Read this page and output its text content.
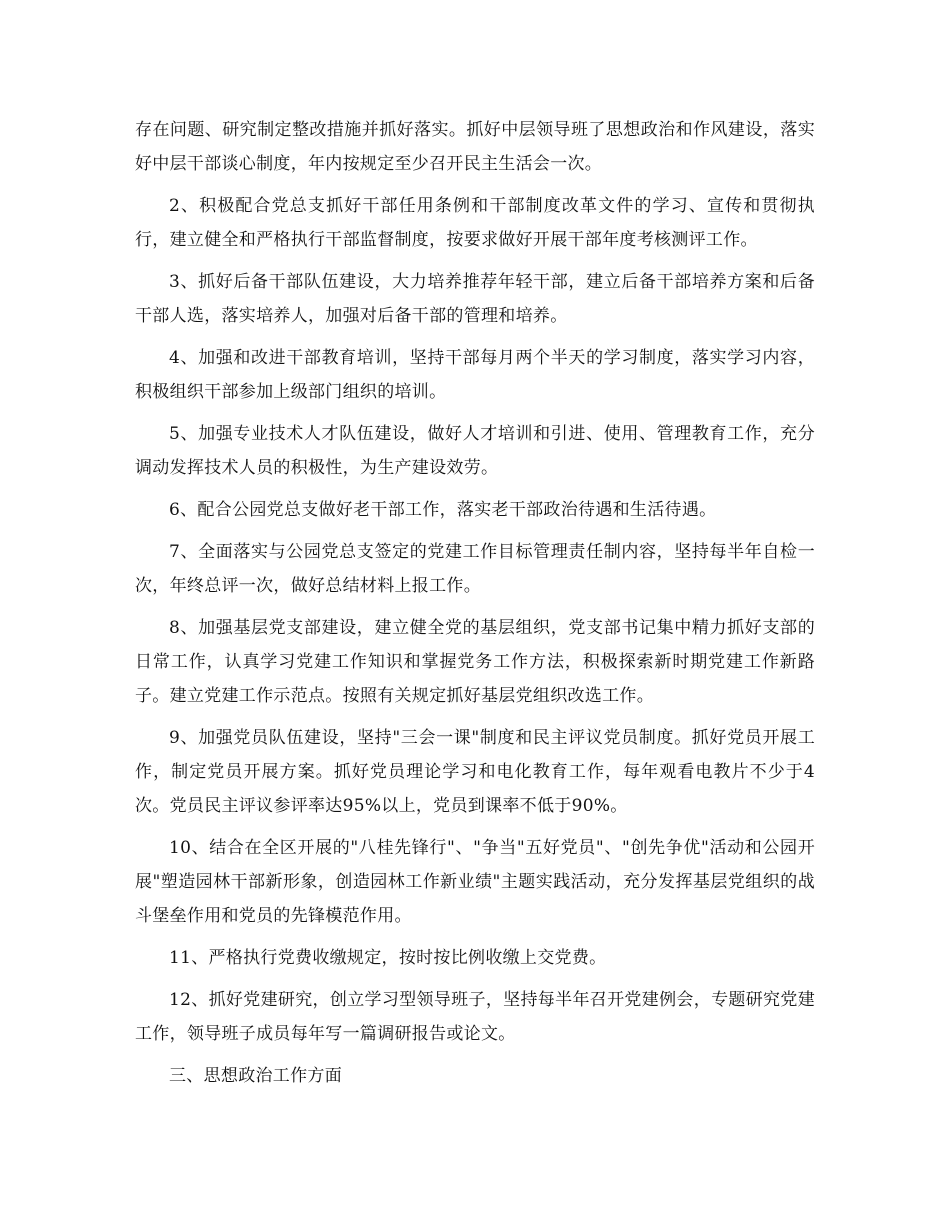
存在问题、研究制定整改措施并抓好落实。抓好中层领导班了思想政治和作风建设，落实好中层干部谈心制度，年内按规定至少召开民主生活会一次。

2、积极配合党总支抓好干部任用条例和干部制度改革文件的学习、宣传和贯彻执行，建立健全和严格执行干部监督制度，按要求做好开展干部年度考核测评工作。

3、抓好后备干部队伍建设，大力培养推荐年轻干部，建立后备干部培养方案和后备干部人选，落实培养人，加强对后备干部的管理和培养。

4、加强和改进干部教育培训，坚持干部每月两个半天的学习制度，落实学习内容，积极组织干部参加上级部门组织的培训。

5、加强专业技术人才队伍建设，做好人才培训和引进、使用、管理教育工作，充分调动发挥技术人员的积极性，为生产建设效劳。

6、配合公园党总支做好老干部工作，落实老干部政治待遇和生活待遇。

7、全面落实与公园党总支签定的党建工作目标管理责任制内容，坚持每半年自检一次，年终总评一次，做好总结材料上报工作。

8、加强基层党支部建设，建立健全党的基层组织，党支部书记集中精力抓好支部的日常工作，认真学习党建工作知识和掌握党务工作方法，积极探索新时期党建工作新路子。建立党建工作示范点。按照有关规定抓好基层党组织改选工作。

9、加强党员队伍建设，坚持"三会一课"制度和民主评议党员制度。抓好党员开展工作，制定党员开展方案。抓好党员理论学习和电化教育工作，每年观看电教片不少于4次。党员民主评议参评率达95%以上，党员到课率不低于90%。

10、结合在全区开展的"八桂先锋行"、"争当"五好党员"、"创先争优"活动和公园开展"塑造园林干部新形象，创造园林工作新业绩"主题实践活动，充分发挥基层党组织的战斗堡垒作用和党员的先锋模范作用。

11、严格执行党费收缴规定，按时按比例收缴上交党费。

12、抓好党建研究，创立学习型领导班子，坚持每半年召开党建例会，专题研究党建工作，领导班子成员每年写一篇调研报告或论文。

三、思想政治工作方面
